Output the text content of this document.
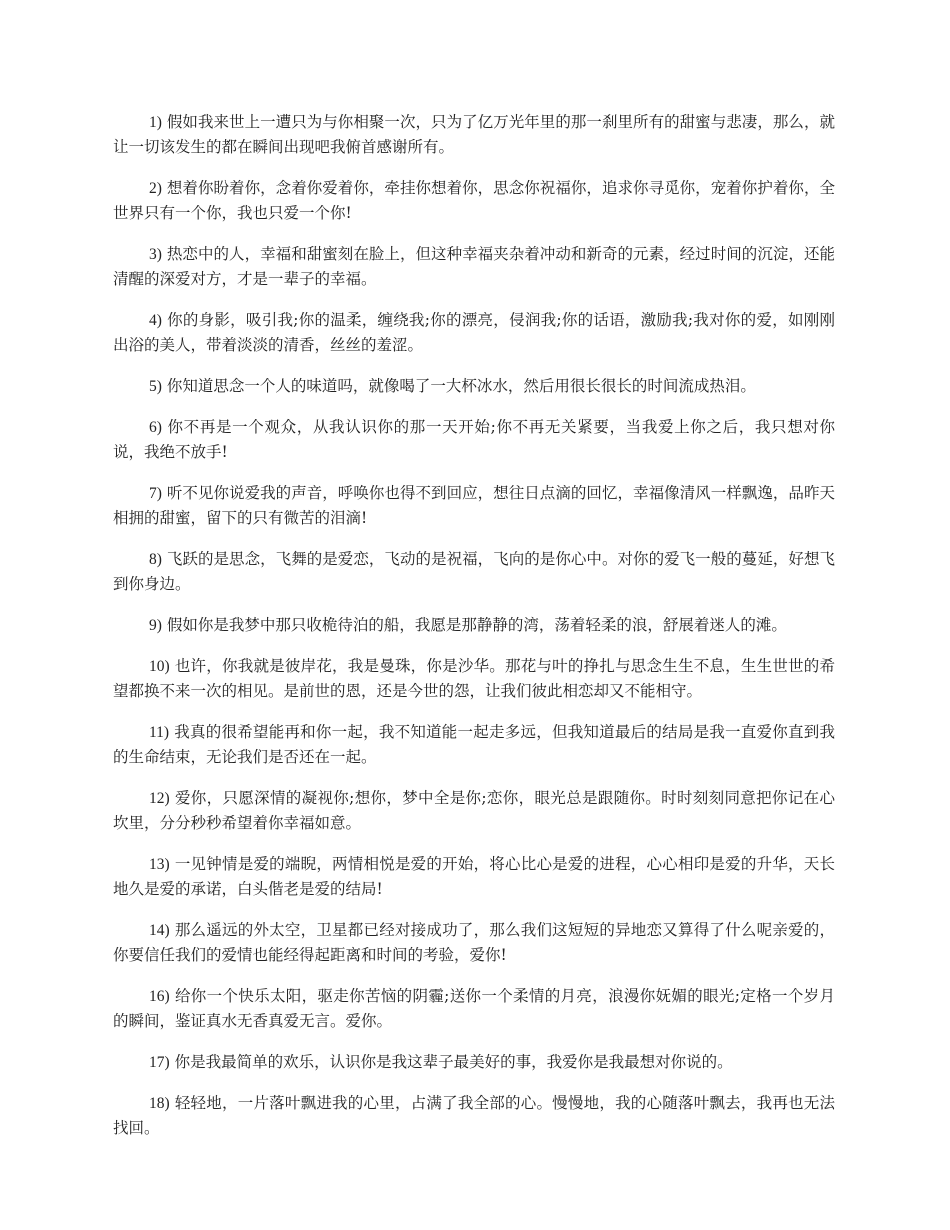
1) 假如我来世上一遭只为与你相聚一次，只为了亿万光年里的那一刹里所有的甜蜜与悲凄，那么，就让一切该发生的都在瞬间出现吧我俯首感谢所有。

2) 想着你盼着你，念着你爱着你，牵挂你想着你，思念你祝福你，追求你寻觅你，宠着你护着你，全世界只有一个你，我也只爱一个你!

3) 热恋中的人，幸福和甜蜜刻在脸上，但这种幸福夹杂着冲动和新奇的元素，经过时间的沉淀，还能清醒的深爱对方，才是一辈子的幸福。

4) 你的身影，吸引我;你的温柔，缠绕我;你的漂亮，侵润我;你的话语，激励我;我对你的爱，如刚刚出浴的美人，带着淡淡的清香，丝丝的羞涩。

5) 你知道思念一个人的味道吗，就像喝了一大杯冰水，然后用很长很长的时间流成热泪。

6) 你不再是一个观众，从我认识你的那一天开始;你不再无关紧要，当我爱上你之后，我只想对你说，我绝不放手!

7) 听不见你说爱我的声音，呼唤你也得不到回应，想往日点滴的回忆，幸福像清风一样飘逸，品昨天相拥的甜蜜，留下的只有微苦的泪滴!

8) 飞跃的是思念，飞舞的是爱恋，飞动的是祝福，飞向的是你心中。对你的爱飞一般的蔓延，好想飞到你身边。

9) 假如你是我梦中那只收桅待泊的船，我愿是那静静的湾，荡着轻柔的浪，舒展着迷人的滩。

10) 也许，你我就是彼岸花，我是曼珠，你是沙华。那花与叶的挣扎与思念生生不息，生生世世的希望都换不来一次的相见。是前世的恩，还是今世的怨，让我们彼此相恋却又不能相守。

11) 我真的很希望能再和你一起，我不知道能一起走多远，但我知道最后的结局是我一直爱你直到我的生命结束，无论我们是否还在一起。

12) 爱你，只愿深情的凝视你;想你，梦中全是你;恋你，眼光总是跟随你。时时刻刻同意把你记在心坎里，分分秒秒希望着你幸福如意。

13) 一见钟情是爱的端睨，两情相悦是爱的开始，将心比心是爱的进程，心心相印是爱的升华，天长地久是爱的承诺，白头偕老是爱的结局!

14) 那么遥远的外太空，卫星都已经对接成功了，那么我们这短短的异地恋又算得了什么呢亲爱的，你要信任我们的爱情也能经得起距离和时间的考验，爱你!

16) 给你一个快乐太阳，驱走你苦恼的阴霾;送你一个柔情的月亮，浪漫你妩媚的眼光;定格一个岁月的瞬间，鉴证真水无香真爱无言。爱你。

17) 你是我最简单的欢乐，认识你是我这辈子最美好的事，我爱你是我最想对你说的。

18) 轻轻地，一片落叶飘进我的心里，占满了我全部的心。慢慢地，我的心随落叶飘去，我再也无法找回。
